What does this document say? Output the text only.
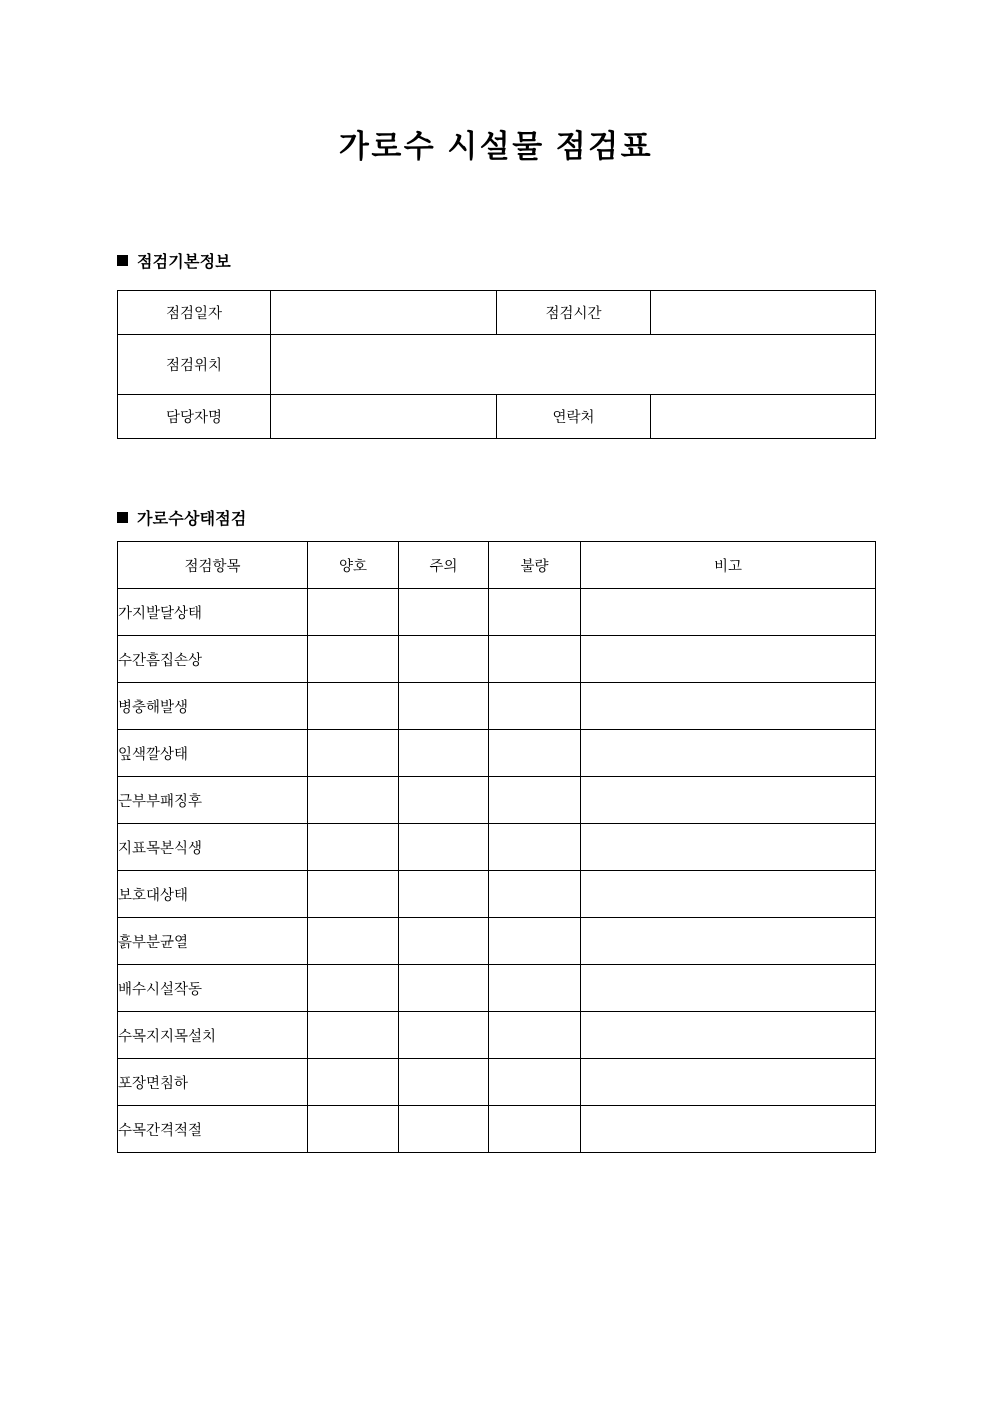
가로수 시설물 점검표
점검기본정보
점검일자		점검시간	
점검위치			
담당자명		연락처	
가로수상태점검
점검항목	양호	주의	불량	비고
가지발달상태				
수간흠집손상				
병충해발생				
잎색깔상태				
근부부패징후				
지표목본식생				
보호대상태				
흙부분균열				
배수시설작동				
수목지지목설치				
포장면침하				
수목간격적절				
